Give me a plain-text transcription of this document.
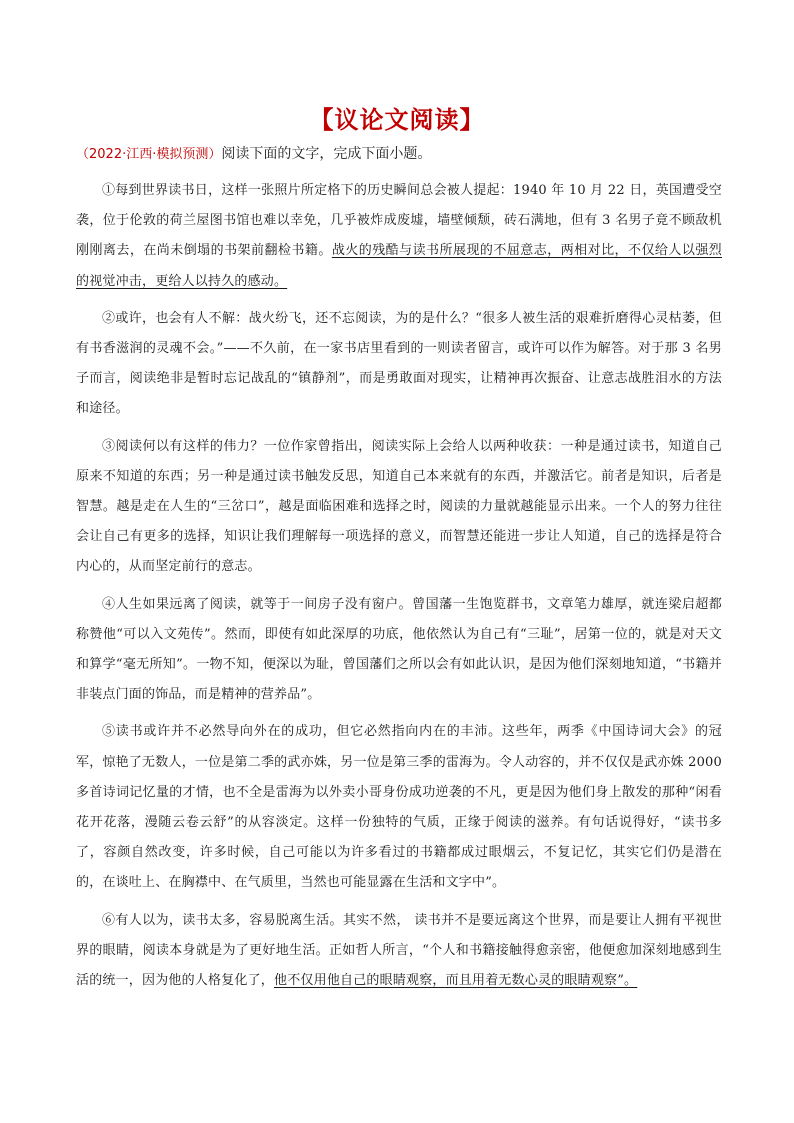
【议论文阅读】
（2022·江西·模拟预测）阅读下面的文字，完成下面小题。

①每到世界读书日，这样一张照片所定格下的历史瞬间总会被人提起：1940 年 10 月 22 日，英国遭受空袭，位于伦敦的荷兰屋图书馆也难以幸免，几乎被炸成废墟，墙壁倾颓，砖石满地，但有 3 名男子竟不顾敌机刚刚离去，在尚未倒塌的书架前翻检书籍。战火的残酷与读书所展现的不屈意志，两相对比，不仅给人以强烈的视觉冲击，更给人以持久的感动。

②或许，也会有人不解：战火纷飞，还不忘阅读，为的是什么？“很多人被生活的艰难折磨得心灵枯萎，但有书香滋润的灵魂不会。”——不久前，在一家书店里看到的一则读者留言，或许可以作为解答。对于那 3 名男子而言，阅读绝非是暂时忘记战乱的“镇静剂”，而是勇敢面对现实，让精神再次振奋、让意志战胜泪水的方法和途径。

③阅读何以有这样的伟力？一位作家曾指出，阅读实际上会给人以两种收获：一种是通过读书，知道自己原来不知道的东西；另一种是通过读书触发反思，知道自己本来就有的东西，并激活它。前者是知识，后者是智慧。越是走在人生的“三岔口”，越是面临困难和选择之时，阅读的力量就越能显示出来。一个人的努力往往会让自己有更多的选择，知识让我们理解每一项选择的意义，而智慧还能进一步让人知道，自己的选择是符合内心的，从而坚定前行的意志。

④人生如果远离了阅读，就等于一间房子没有窗户。曾国藩一生饱览群书，文章笔力雄厚，就连梁启超都称赞他“可以入文苑传”。然而，即使有如此深厚的功底，他依然认为自己有“三耻”，居第一位的，就是对天文和算学“毫无所知”。一物不知，便深以为耻，曾国藩们之所以会有如此认识，是因为他们深刻地知道，“书籍并非装点门面的饰品，而是精神的营养品”。

⑤读书或许并不必然导向外在的成功，但它必然指向内在的丰沛。这些年，两季《中国诗词大会》的冠军，惊艳了无数人，一位是第二季的武亦姝，另一位是第三季的雷海为。令人动容的，并不仅仅是武亦姝 2000 多首诗词记忆量的才情，也不全是雷海为以外卖小哥身份成功逆袭的不凡，更是因为他们身上散发的那种“闲看花开花落，漫随云卷云舒”的从容淡定。这样一份独特的气质，正缘于阅读的滋养。有句话说得好，“读书多了，容颜自然改变，许多时候，自己可能以为许多看过的书籍都成过眼烟云，不复记忆，其实它们仍是潜在的，在谈吐上、在胸襟中、在气质里，当然也可能显露在生活和文字中”。

⑥有人以为，读书太多，容易脱离生活。其实不然， 读书并不是要远离这个世界，而是要让人拥有平视世界的眼睛，阅读本身就是为了更好地生活。正如哲人所言，“个人和书籍接触得愈亲密，他便愈加深刻地感到生活的统一，因为他的人格复化了，他不仅用他自己的眼睛观察，而且用着无数心灵的眼睛观察”。
